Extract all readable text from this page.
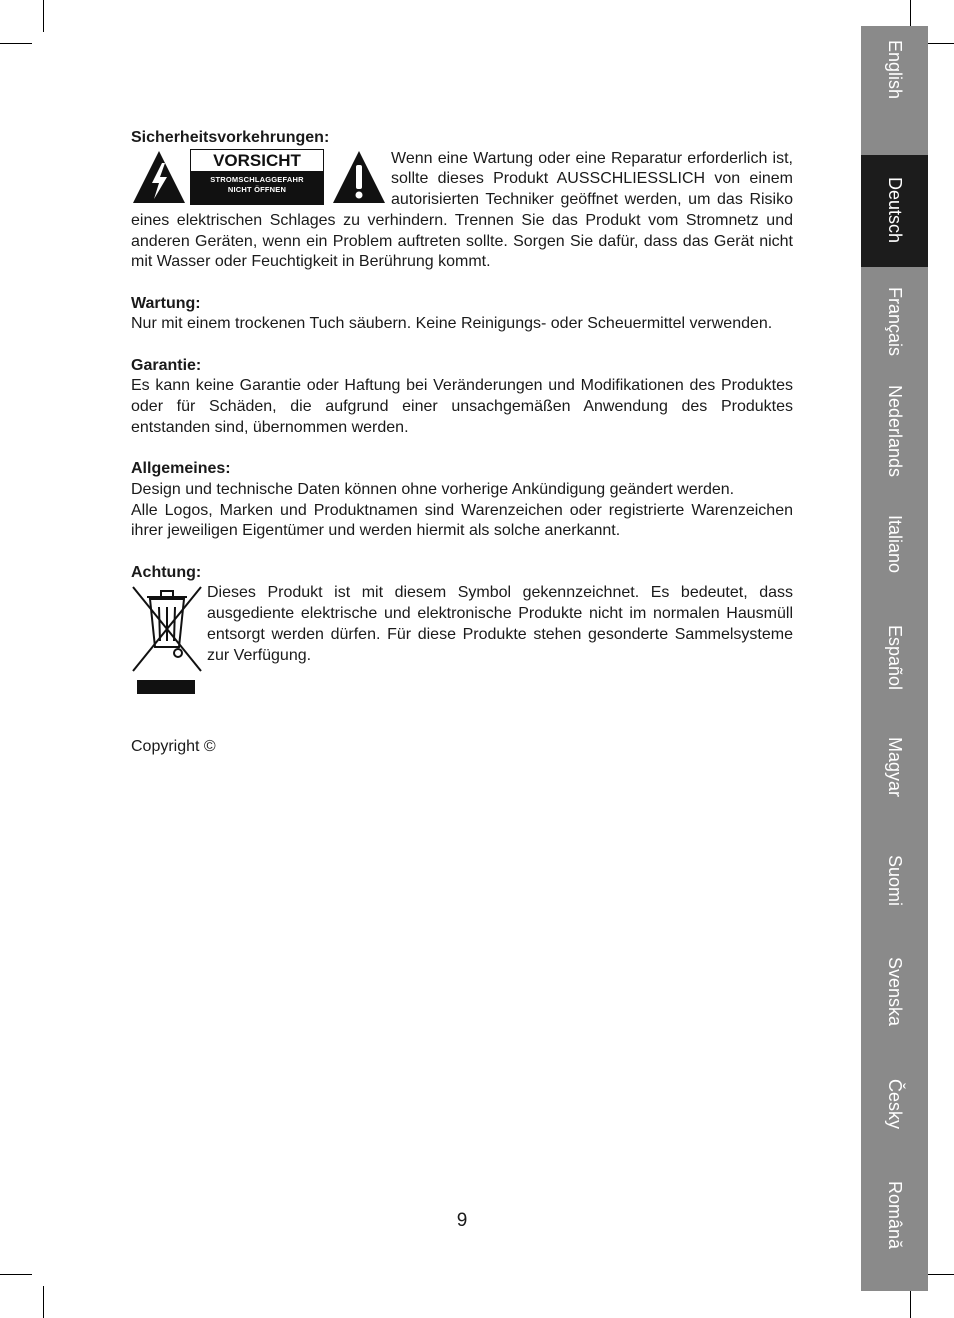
Sicherheitsvorkehrungen:
VORSICHT
STROMSCHLAGGEFAHR
NICHT ÖFFNEN

Wenn eine Wartung oder eine Reparatur erforderlich ist, sollte dieses Produkt AUSSCHLIESSLICH von einem autorisierten Techniker geöffnet werden, um das Risiko eines elektrischen Schlages zu verhindern. Trennen Sie das Produkt vom Stromnetz und anderen Geräten, wenn ein Problem auftreten sollte. Sorgen Sie dafür, dass das Gerät nicht mit Wasser oder Feuchtigkeit in Berührung kommt.

Wartung:

Nur mit einem trockenen Tuch säubern. Keine Reinigungs- oder Scheuermittel verwenden.

Garantie:

Es kann keine Garantie oder Haftung bei Veränderungen und Modifikationen des Produktes oder für Schäden, die aufgrund einer unsachgemäßen Anwendung des Produktes entstanden sind, übernommen werden.

Allgemeines:

Design und technische Daten können ohne vorherige Ankündigung geändert werden.

Alle Logos, Marken und Produktnamen sind Warenzeichen oder registrierte Warenzeichen ihrer jeweiligen Eigentümer und werden hiermit als solche anerkannt.

Achtung:

Dieses Produkt ist mit diesem Symbol gekennzeichnet. Es bedeutet, dass ausgediente elektrische und elektronische Produkte nicht im normalen Hausmüll entsorgt werden dürfen. Für diese Produkte stehen gesonderte Sammelsysteme zur Verfügung.

Copyright ©
9
English
Deutsch
Français
Nederlands
Italiano
Español
Magyar
Suomi
Svenska
Česky
Română
